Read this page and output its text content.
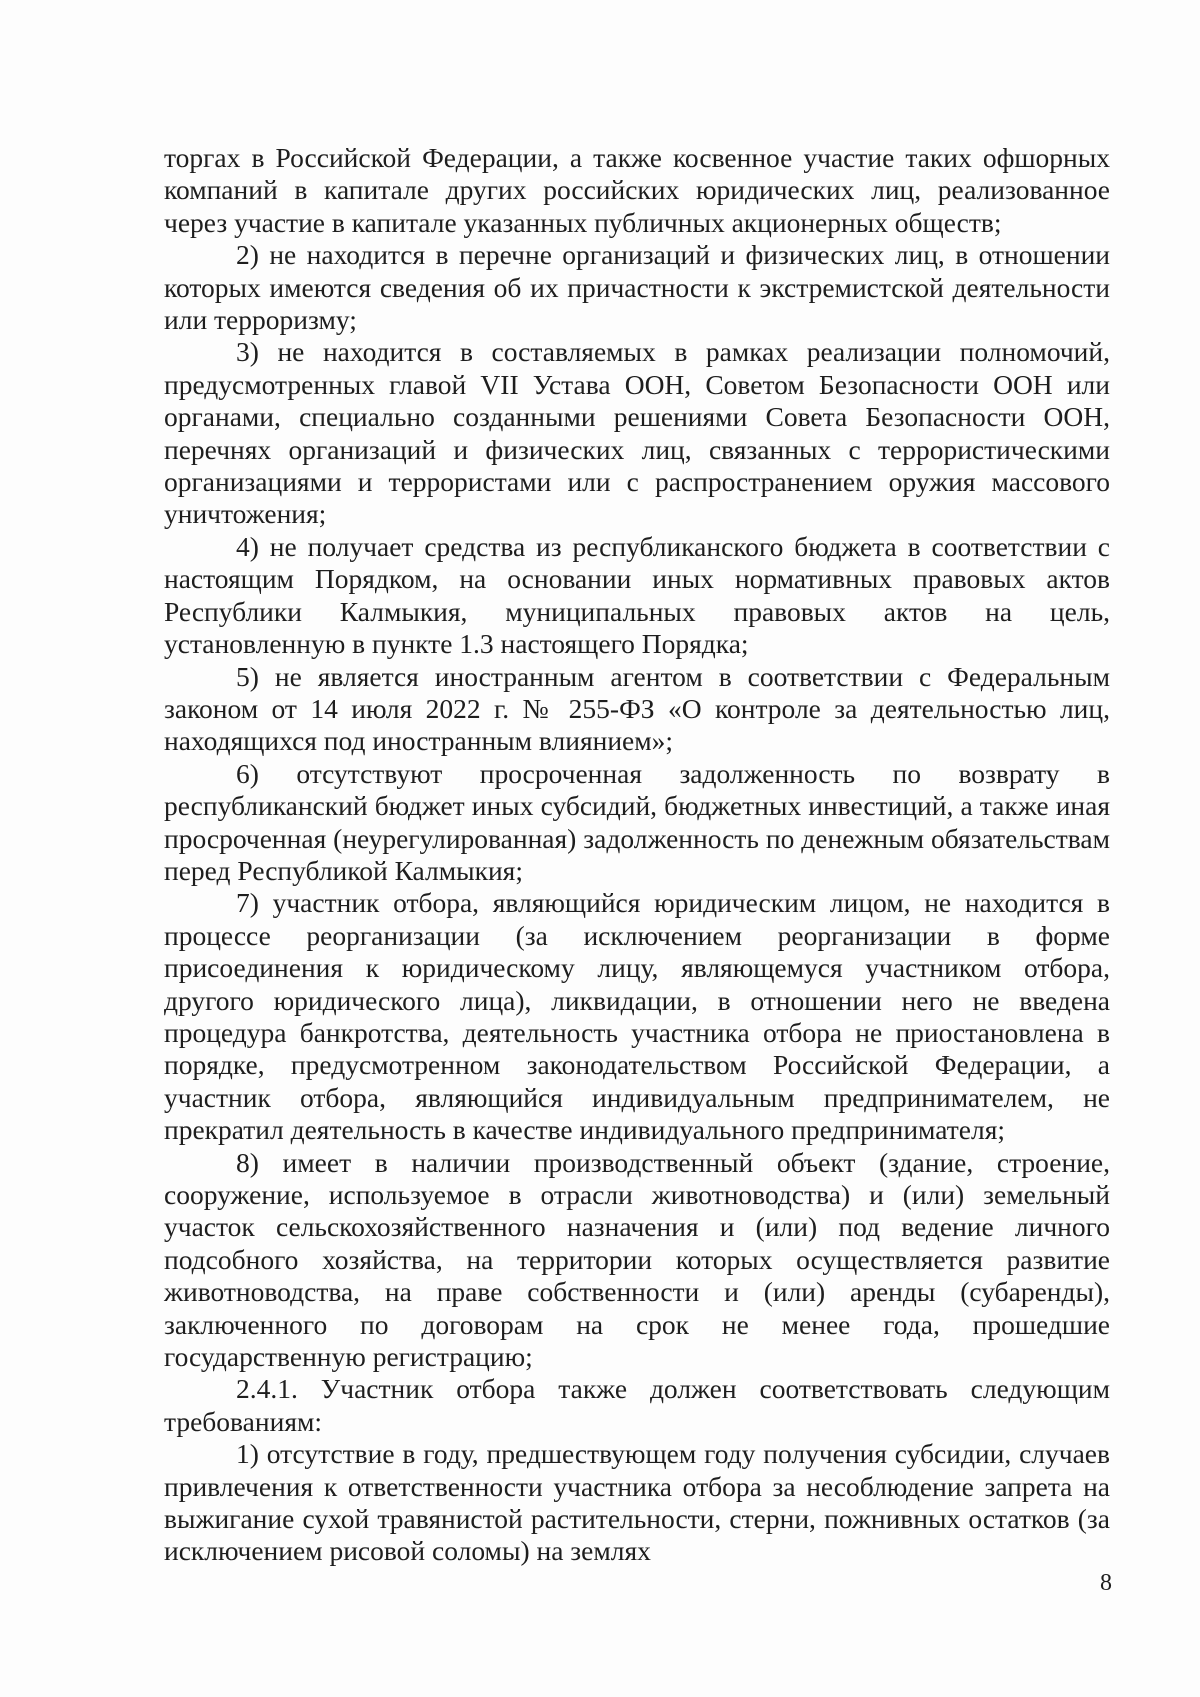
торгах в Российской Федерации, а также косвенное участие таких офшорных компаний в капитале других российских юридических лиц, реализованное через участие в капитале указанных публичных акционерных обществ;

2) не находится в перечне организаций и физических лиц, в отношении которых имеются сведения об их причастности к экстремистской деятельности или терроризму;

3) не находится в составляемых в рамках реализации полномочий, предусмотренных главой VII Устава ООН, Советом Безопасности ООН или органами, специально созданными решениями Совета Безопасности ООН, перечнях организаций и физических лиц, связанных с террористическими организациями и террористами или с распространением оружия массового уничтожения;

4) не получает средства из республиканского бюджета в соответствии с настоящим Порядком, на основании иных нормативных правовых актов Республики Калмыкия, муниципальных правовых актов на цель, установленную в пункте 1.3 настоящего Порядка;

5) не является иностранным агентом в соответствии с Федеральным законом от 14 июля 2022 г. № 255-ФЗ «О контроле за деятельностью лиц, находящихся под иностранным влиянием»;

6) отсутствуют просроченная задолженность по возврату в республиканский бюджет иных субсидий, бюджетных инвестиций, а также иная просроченная (неурегулированная) задолженность по денежным обязательствам перед Республикой Калмыкия;

7) участник отбора, являющийся юридическим лицом, не находится в процессе реорганизации (за исключением реорганизации в форме присоединения к юридическому лицу, являющемуся участником отбора, другого юридического лица), ликвидации, в отношении него не введена процедура банкротства, деятельность участника отбора не приостановлена в порядке, предусмотренном законодательством Российской Федерации, а участник отбора, являющийся индивидуальным предпринимателем, не прекратил деятельность в качестве индивидуального предпринимателя;

8) имеет в наличии производственный объект (здание, строение, сооружение, используемое в отрасли животноводства) и (или) земельный участок сельскохозяйственного назначения и (или) под ведение личного подсобного хозяйства, на территории которых осуществляется развитие животноводства, на праве собственности и (или) аренды (субаренды), заключенного по договорам на срок не менее года, прошедшие государственную регистрацию;

2.4.1. Участник отбора также должен соответствовать следующим требованиям:

1) отсутствие в году, предшествующем году получения субсидии, случаев привлечения к ответственности участника отбора за несоблюдение запрета на выжигание сухой травянистой растительности, стерни, пожнивных остатков (за исключением рисовой соломы) на землях

8
